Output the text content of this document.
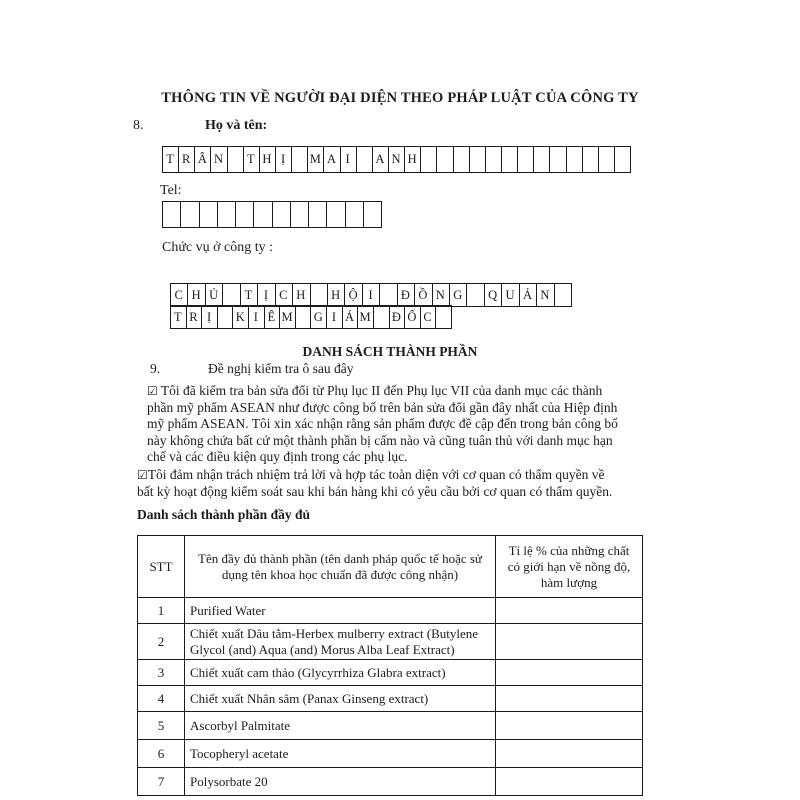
THÔNG TIN VỀ NGƯỜI ĐẠI DIỆN THEO PHÁP LUẬT CỦA CÔNG TY
8.	Họ và tên:
T R Â N	T H Ị	M A I	A N H
Tel:
Chức vụ ở công ty :
C H Ủ	T Ị C H	H Ộ I	Đ Ồ N G	Q U Ả N
T R Ị	K I Ê M G I Á M Đ Ố C
DANH SÁCH THÀNH PHẦN
9.	Đề nghị kiểm tra ô sau đây
☑ Tôi đã kiểm tra bản sửa đổi từ Phụ lục II đến Phụ lục VII của danh mục các thành
phần mỹ phẩm ASEAN như được công bố trên bản sửa đổi gần đây nhất của Hiệp định
mỹ phẩm ASEAN. Tôi xin xác nhận rằng sản phẩm được đề cập đến trong bản công bố
này không chứa bất cứ một thành phần bị cấm nào và cũng tuân thủ với danh mục hạn
chế và các điều kiện quy định trong các phụ lục.
☑Tôi đảm nhận trách nhiệm trả lời và hợp tác toàn diện với cơ quan có thẩm quyền về
bất kỳ hoạt động kiểm soát sau khi bán hàng khi có yêu cầu bởi cơ quan có thẩm quyền.
Danh sách thành phần đầy đủ
STT	Tên đầy đủ thành phần (tên danh pháp quốc tế hoặc sử dụng tên khoa học chuẩn đã được công nhận)	Tỉ lệ % của những chất có giới hạn về nồng độ, hàm lượng
1	Purified Water	
2	Chiết xuất Dâu tằm-Herbex mulberry extract (Butylene Glycol (and) Aqua (and) Morus Alba Leaf Extract)	
3	Chiết xuất cam thảo (Glycyrrhiza Glabra extract)	
4	Chiết xuất Nhân sâm (Panax Ginseng extract)	
5	Ascorbyl Palmitate	
6	Tocopheryl acetate	
7	Polysorbate 20	
